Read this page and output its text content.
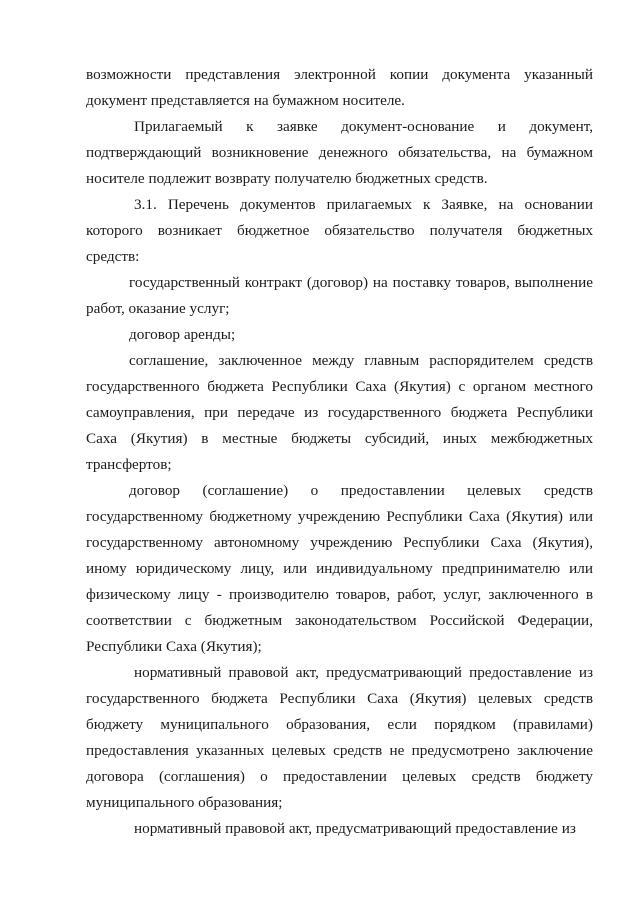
возможности представления электронной копии документа указанный документ представляется на бумажном носителе.

Прилагаемый к заявке документ-основание и документ, подтверждающий возникновение денежного обязательства, на бумажном носителе подлежит возврату получателю бюджетных средств.

3.1. Перечень документов прилагаемых к Заявке, на основании которого возникает бюджетное обязательство получателя бюджетных средств:

государственный контракт (договор) на поставку товаров, выполнение работ, оказание услуг;

договор аренды;

соглашение, заключенное между главным распорядителем средств государственного бюджета Республики Саха (Якутия) с органом местного самоуправления, при передаче из государственного бюджета Республики Саха (Якутия) в местные бюджеты субсидий, иных межбюджетных трансфертов;

договор (соглашение) о предоставлении целевых средств государственному бюджетному учреждению Республики Саха (Якутия) или государственному автономному учреждению Республики Саха (Якутия), иному юридическому лицу, или индивидуальному предпринимателю или физическому лицу - производителю товаров, работ, услуг, заключенного в соответствии с бюджетным законодательством Российской Федерации, Республики Саха (Якутия);

нормативный правовой акт, предусматривающий предоставление из государственного бюджета Республики Саха (Якутия) целевых средств бюджету муниципального образования, если порядком (правилами) предоставления указанных целевых средств не предусмотрено заключение договора (соглашения) о предоставлении целевых средств бюджету муниципального образования;

нормативный правовой акт, предусматривающий предоставление из
